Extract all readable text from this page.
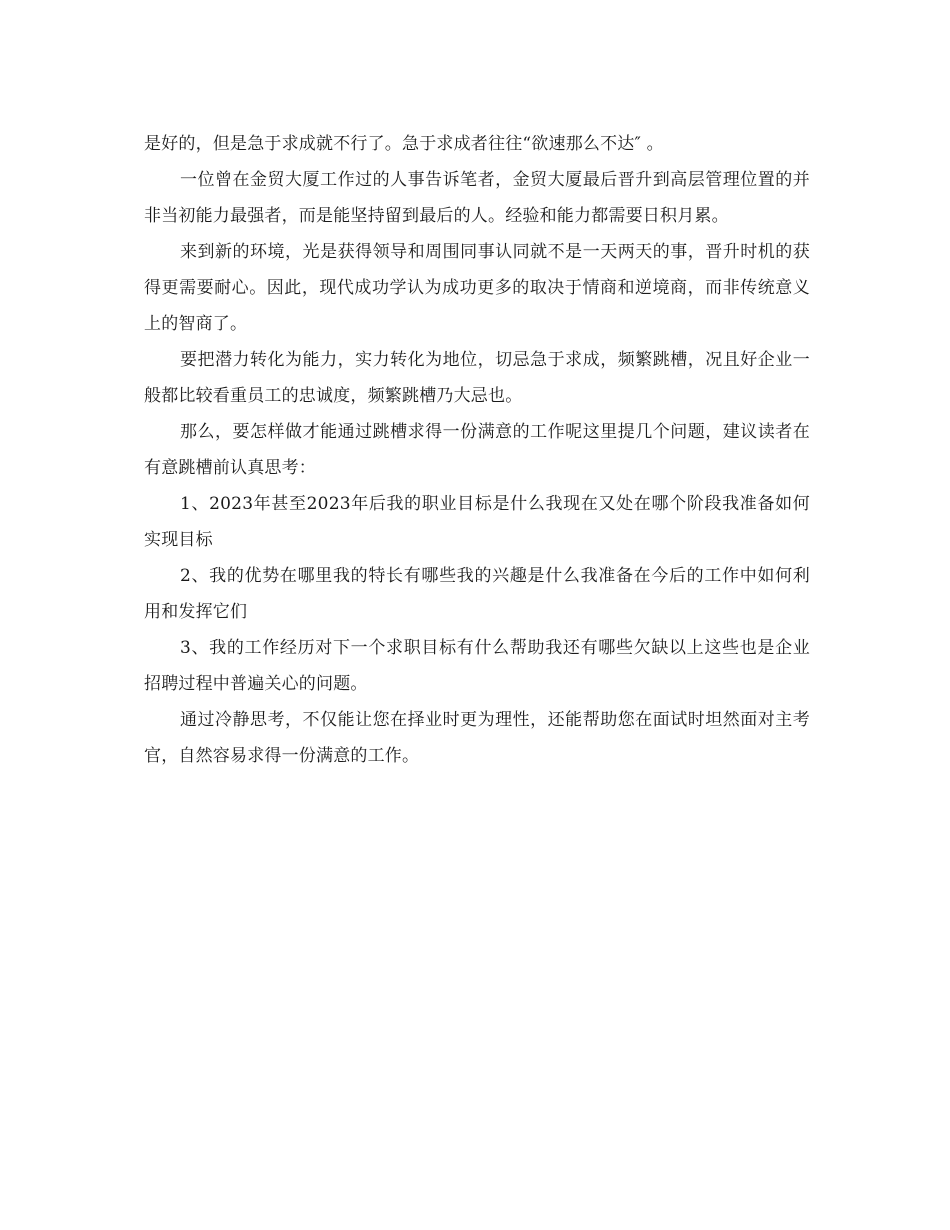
是好的，但是急于求成就不行了。急于求成者往往“欲速那么不达″ 。

一位曾在金贸大厦工作过的人事告诉笔者，金贸大厦最后晋升到高层管理位置的并非当初能力最强者，而是能坚持留到最后的人。经验和能力都需要日积月累。

来到新的环境，光是获得领导和周围同事认同就不是一天两天的事，晋升时机的获得更需要耐心。因此，现代成功学认为成功更多的取决于情商和逆境商，而非传统意义上的智商了。

要把潜力转化为能力，实力转化为地位，切忌急于求成，频繁跳槽，况且好企业一般都比较看重员工的忠诚度，频繁跳槽乃大忌也。

那么，要怎样做才能通过跳槽求得一份满意的工作呢这里提几个问题，建议读者在有意跳槽前认真思考：

1、2023年甚至2023年后我的职业目标是什么我现在又处在哪个阶段我准备如何实现目标

2、我的优势在哪里我的特长有哪些我的兴趣是什么我准备在今后的工作中如何利用和发挥它们

3、我的工作经历对下一个求职目标有什么帮助我还有哪些欠缺以上这些也是企业招聘过程中普遍关心的问题。

通过冷静思考，不仅能让您在择业时更为理性，还能帮助您在面试时坦然面对主考官，自然容易求得一份满意的工作。
